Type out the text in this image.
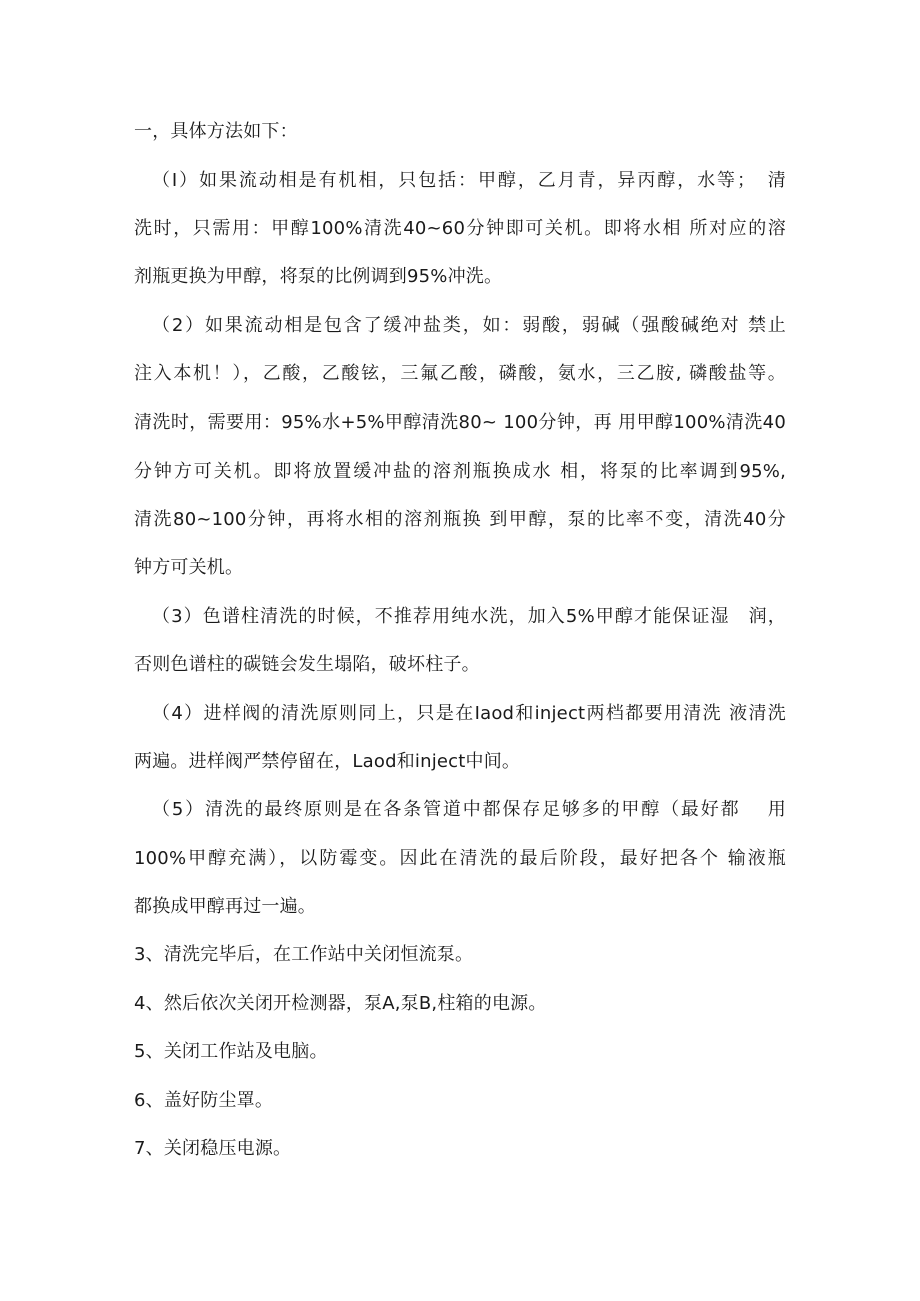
一，具体方法如下：
（I）如果流动相是有机相，只包括：甲醇，乙月青，异丙醇，水等；　清
洗时，只需用：甲醇100%清洗40~60分钟即可关机。即将水相 所对应的溶
剂瓶更换为甲醇，将泵的比例调到95%冲洗。
（2）如果流动相是包含了缓冲盐类，如：弱酸，弱碱（强酸碱绝对 禁止
注入本机！），乙酸，乙酸铉，三氟乙酸，磷酸，氨水，三乙胺, 磷酸盐等。
清洗时，需要用：95%水+5%甲醇清洗80~ 100分钟，再 用甲醇100%清洗40
分钟方可关机。即将放置缓冲盐的溶剂瓶换成水 相，将泵的比率调到95%,
清洗80~100分钟，再将水相的溶剂瓶换 到甲醇，泵的比率不变，清洗40分
钟方可关机。
（3）色谱柱清洗的时候，不推荐用纯水洗，加入5%甲醇才能保证湿　润，
否则色谱柱的碳链会发生塌陷，破坏柱子。
（4）进样阀的清洗原则同上，只是在Iaod和inject两档都要用清洗 液清洗
两遍。进样阀严禁停留在，Laod和inject中间。
（5）清洗的最终原则是在各条管道中都保存足够多的甲醇（最好都　 用
100%甲醇充满），以防霉变。因此在清洗的最后阶段，最好把各个 输液瓶
都换成甲醇再过一遍。
3、清洗完毕后，在工作站中关闭恒流泵。
4、然后依次关闭开检测器，泵A,泵B,柱箱的电源。
5、关闭工作站及电脑。
6、盖好防尘罩。
7、关闭稳压电源。
